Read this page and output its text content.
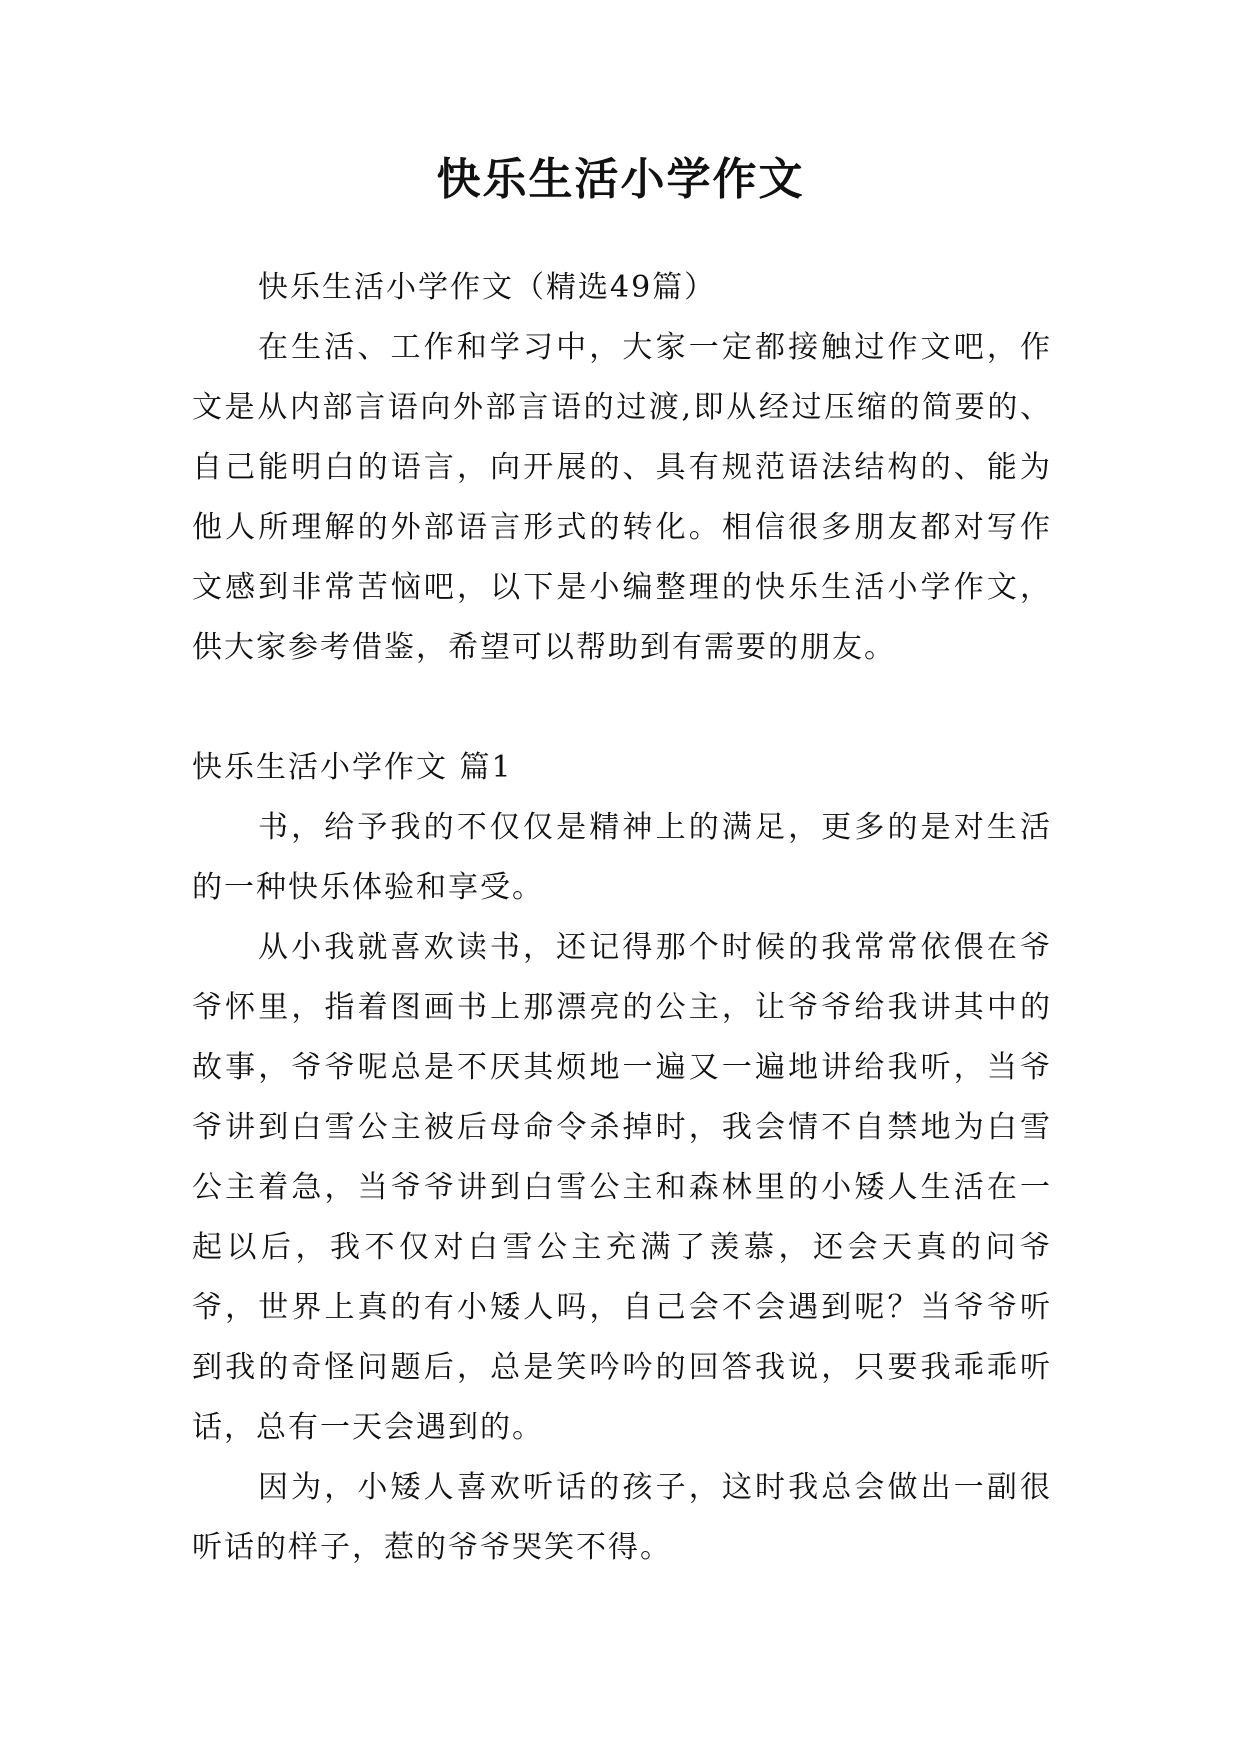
快乐生活小学作文

快乐生活小学作文（精选49篇）

在生活、工作和学习中，大家一定都接触过作文吧，作文是从内部言语向外部言语的过渡,即从经过压缩的简要的、自己能明白的语言，向开展的、具有规范语法结构的、能为他人所理解的外部语言形式的转化。相信很多朋友都对写作文感到非常苦恼吧，以下是小编整理的快乐生活小学作文，供大家参考借鉴，希望可以帮助到有需要的朋友。

快乐生活小学作文 篇1

书，给予我的不仅仅是精神上的满足，更多的是对生活的一种快乐体验和享受。

从小我就喜欢读书，还记得那个时候的我常常依偎在爷爷怀里，指着图画书上那漂亮的公主，让爷爷给我讲其中的故事，爷爷呢总是不厌其烦地一遍又一遍地讲给我听，当爷爷讲到白雪公主被后母命令杀掉时，我会情不自禁地为白雪公主着急，当爷爷讲到白雪公主和森林里的小矮人生活在一起以后，我不仅对白雪公主充满了羡慕，还会天真的问爷爷，世界上真的有小矮人吗，自己会不会遇到呢？当爷爷听到我的奇怪问题后，总是笑吟吟的回答我说，只要我乖乖听话，总有一天会遇到的。

因为，小矮人喜欢听话的孩子，这时我总会做出一副很听话的样子，惹的爷爷哭笑不得。
